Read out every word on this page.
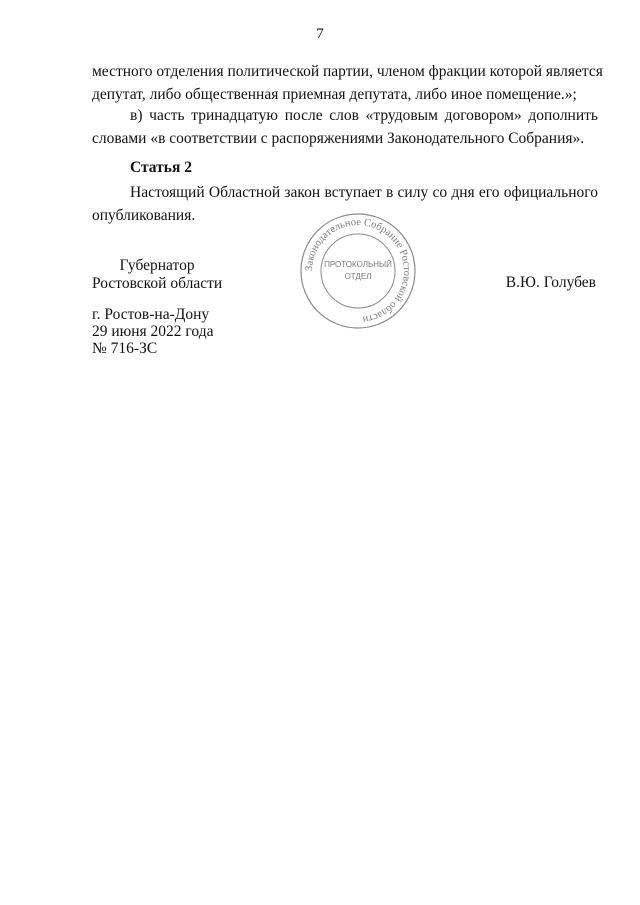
7
местного отделения политической партии, членом фракции которой является
депутат, либо общественная приемная депутата, либо иное помещение.»;
в) часть тринадцатую после слов «трудовым договором» дополнить
словами «в соответствии с распоряжениями Законодательного Собрания».
Статья 2
Настоящий Областной закон вступает в силу со дня его официального
опубликования.
Губернатор
Ростовской области
Законодательное Собрание Ростовской области
ПРОТОКОЛЬНЫЙ
ОТДЕЛ	В.Ю. Голубев
г. Ростов-на-Дону
29 июня 2022 года
№ 716-ЗС
